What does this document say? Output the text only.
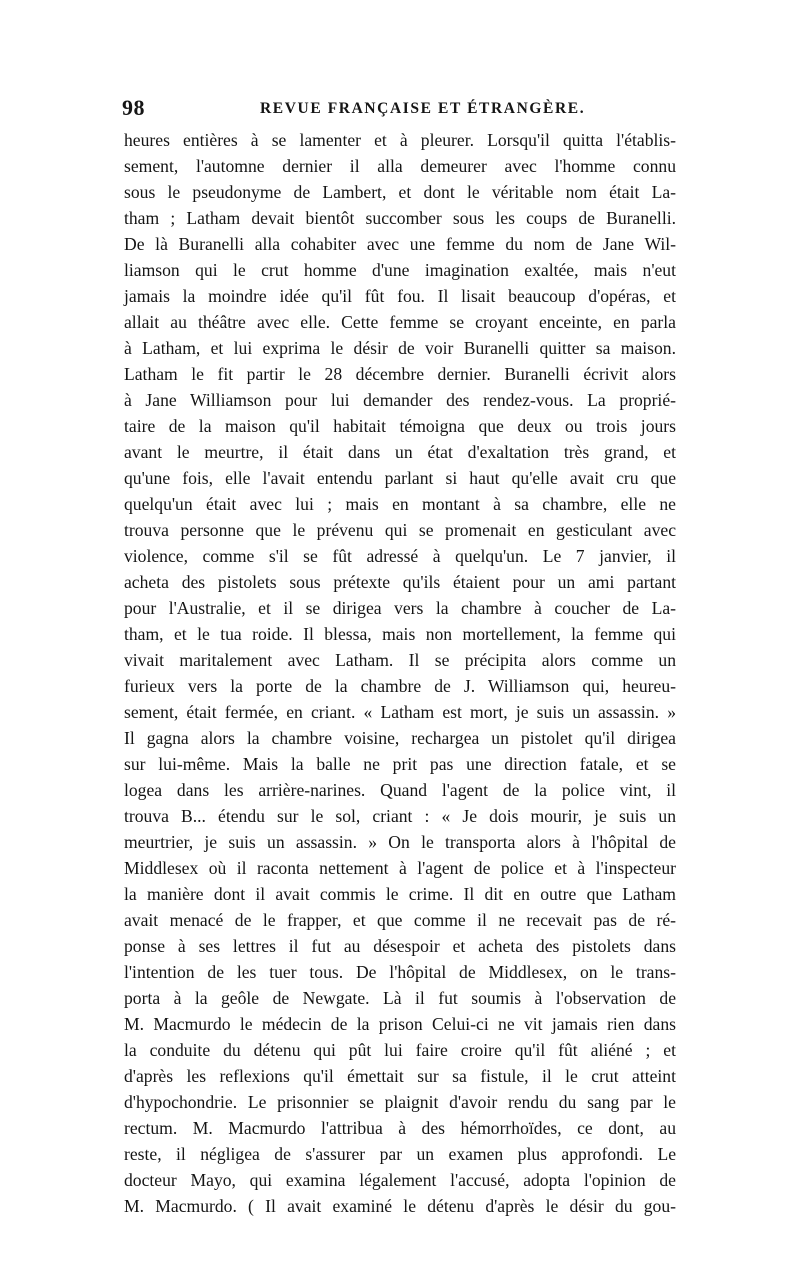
98	REVUE FRANÇAISE ET ÉTRANGÈRE.
heures entières à se lamenter et à pleurer. Lorsqu'il quitta l'établis-
sement, l'automne dernier il alla demeurer avec l'homme connu
sous le pseudonyme de Lambert, et dont le véritable nom était La-
tham ; Latham devait bientôt succomber sous les coups de Buranelli.
De là Buranelli alla cohabiter avec une femme du nom de Jane Wil-
liamson qui le crut homme d'une imagination exaltée, mais n'eut
jamais la moindre idée qu'il fût fou. Il lisait beaucoup d'opéras, et
allait au théâtre avec elle. Cette femme se croyant enceinte, en parla
à Latham, et lui exprima le désir de voir Buranelli quitter sa maison.
Latham le fit partir le 28 décembre dernier. Buranelli écrivit alors
à Jane Williamson pour lui demander des rendez-vous. La proprié-
taire de la maison qu'il habitait témoigna que deux ou trois jours
avant le meurtre, il était dans un état d'exaltation très grand, et
qu'une fois, elle l'avait entendu parlant si haut qu'elle avait cru que
quelqu'un était avec lui ; mais en montant à sa chambre, elle ne
trouva personne que le prévenu qui se promenait en gesticulant avec
violence, comme s'il se fût adressé à quelqu'un. Le 7 janvier, il
acheta des pistolets sous prétexte qu'ils étaient pour un ami partant
pour l'Australie, et il se dirigea vers la chambre à coucher de La-
tham, et le tua roide. Il blessa, mais non mortellement, la femme qui
vivait maritalement avec Latham. Il se précipita alors comme un
furieux vers la porte de la chambre de J. Williamson qui, heureu-
sement, était fermée, en criant. « Latham est mort, je suis un assassin. »
Il gagna alors la chambre voisine, rechargea un pistolet qu'il dirigea
sur lui-même. Mais la balle ne prit pas une direction fatale, et se
logea dans les arrière-narines. Quand l'agent de la police vint, il
trouva B... étendu sur le sol, criant : « Je dois mourir, je suis un
meurtrier, je suis un assassin. » On le transporta alors à l'hôpital de
Middlesex où il raconta nettement à l'agent de police et à l'inspecteur
la manière dont il avait commis le crime. Il dit en outre que Latham
avait menacé de le frapper, et que comme il ne recevait pas de ré-
ponse à ses lettres il fut au désespoir et acheta des pistolets dans
l'intention de les tuer tous. De l'hôpital de Middlesex, on le trans-
porta à la geôle de Newgate. Là il fut soumis à l'observation de
M. Macmurdo le médecin de la prison Celui-ci ne vit jamais rien dans
la conduite du détenu qui pût lui faire croire qu'il fût aliéné ; et
d'après les reflexions qu'il émettait sur sa fistule, il le crut atteint
d'hypochondrie. Le prisonnier se plaignit d'avoir rendu du sang par le
rectum. M. Macmurdo l'attribua à des hémorrhoïdes, ce dont, au
reste, il négligea de s'assurer par un examen plus approfondi. Le
docteur Mayo, qui examina légalement l'accusé, adopta l'opinion de
M. Macmurdo. ( Il avait examiné le détenu d'après le désir du gou-
